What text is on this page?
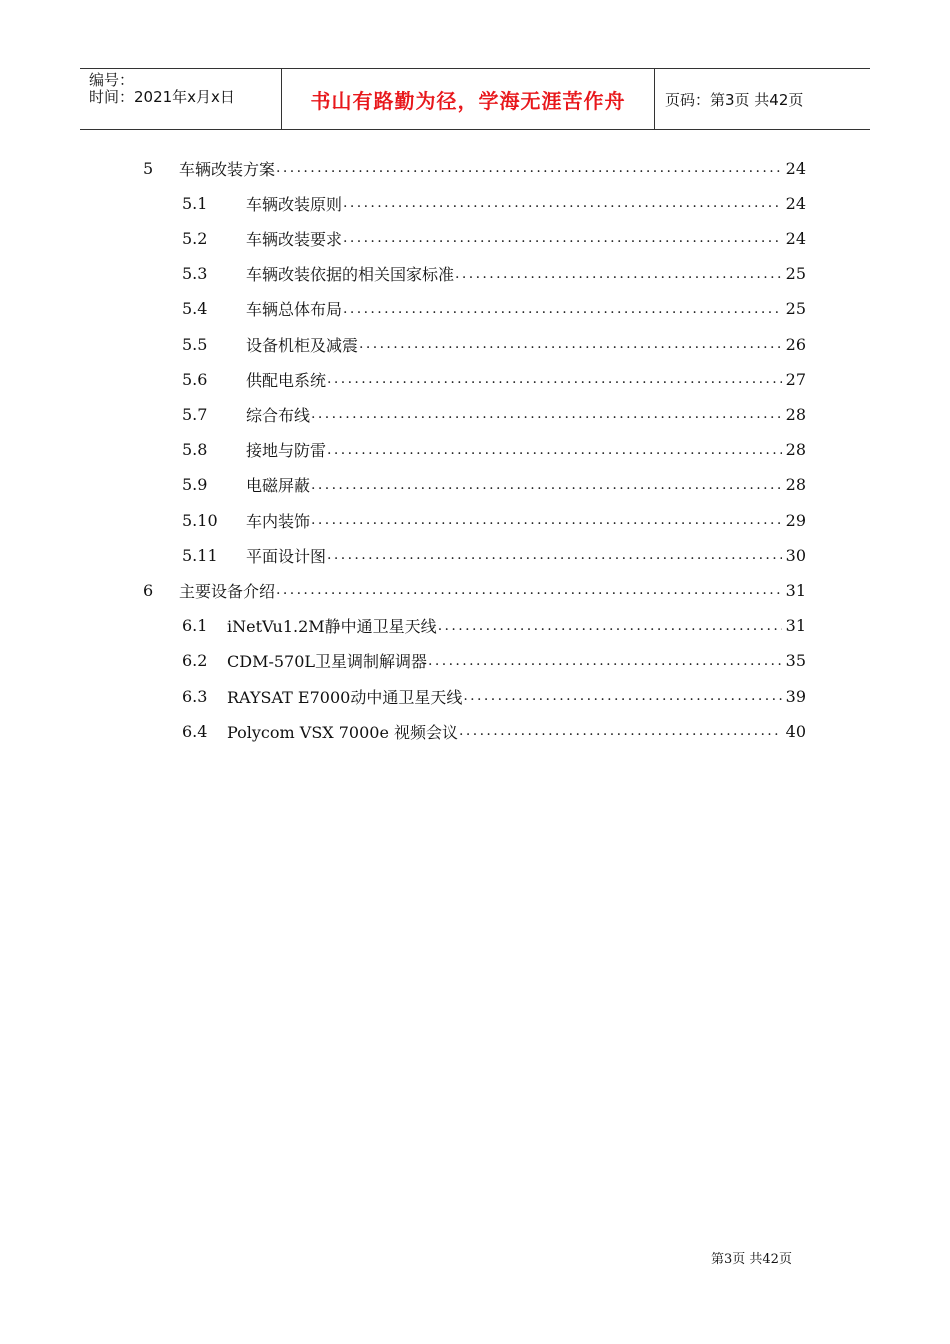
编号：
时间：2021年x月x日	书山有路勤为径，学海无涯苦作舟	页码：第3页 共42页
5	车辆改装方案 .....	24
5.1	车辆改装原则 .....	24
5.2	车辆改装要求 .....	24
5.3	车辆改装依据的相关国家标准 .....	25
5.4	车辆总体布局 .....	25
5.5	设备机柜及减震 .....	26
5.6	供配电系统 .....	27
5.7	综合布线 .....	28
5.8	接地与防雷 .....	28
5.9	电磁屏蔽 .....	28
5.10	车内装饰 .....	29
5.11	平面设计图 .....	30
6	主要设备介绍 .....	31
6.1	iNetVu1.2M静中通卫星天线 .....	31
6.2	CDM-570L卫星调制解调器 .....	35
6.3	RAYSAT E7000动中通卫星天线 .....	39
6.4	Polycom VSX 7000e 视频会议 .....	40
第3页 共42页
